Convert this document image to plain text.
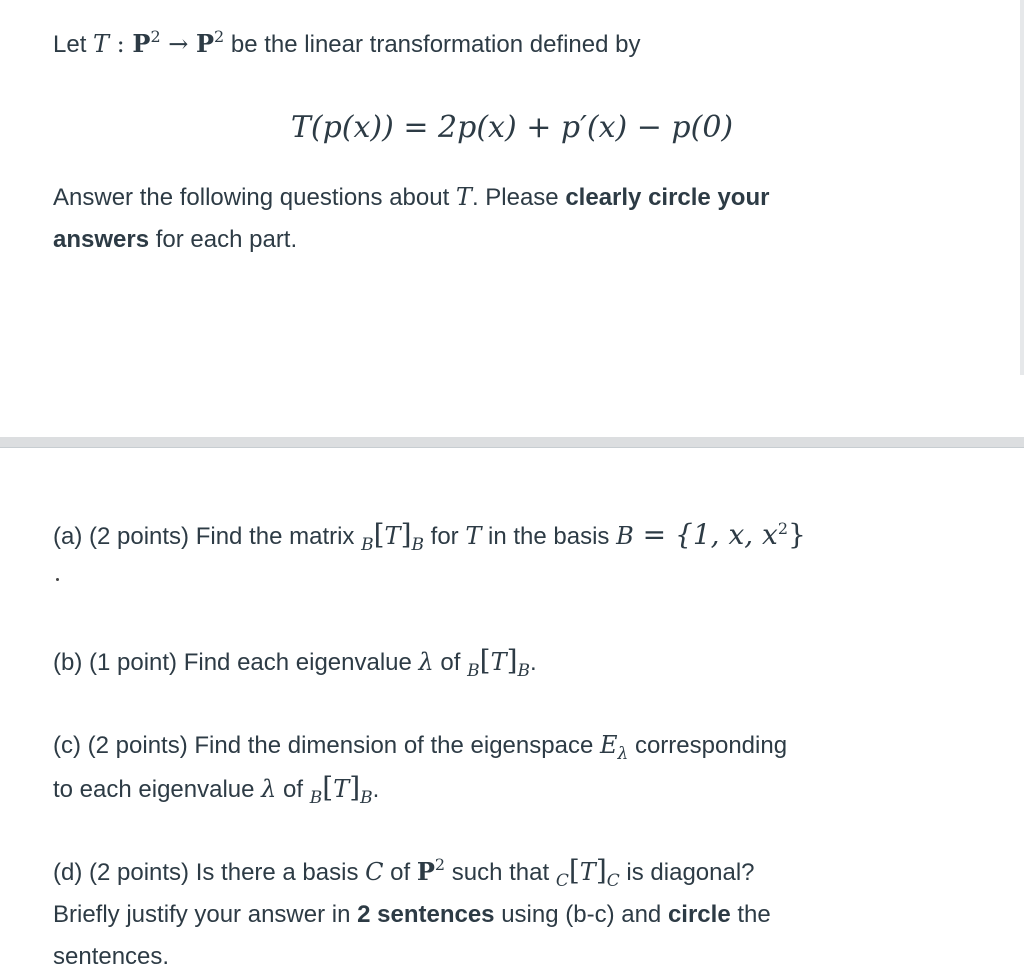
Let T : $P^2 \to P^2$ be the linear transformation defined by
T(p(x)) = 2p(x) + p′(x) − p(0)
Answer the following questions about T. Please clearly circle your
answers for each part.
(a) (2 points) Find the matrix $_B[T]_B$ for T in the basis B = {1, x, $x^2$}
(b) (1 point) Find each eigenvalue λ of $_B[T]_B$.
(c) (2 points) Find the dimension of the eigenspace $E_\lambda$ corresponding
to each eigenvalue λ of $_B[T]_B$.
(d) (2 points) Is there a basis C of $P^2$ such that $_C[T]_C$ is diagonal?
Briefly justify your answer in 2 sentences using (b-c) and circle the
sentences.
